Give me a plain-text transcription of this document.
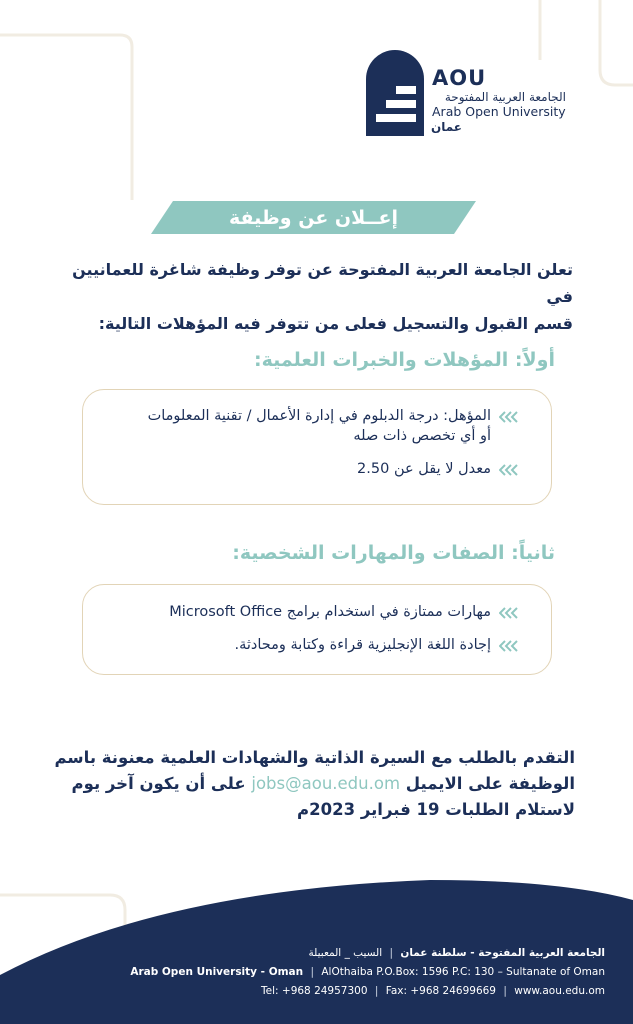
AOU
الجامعة العربية المفتوحة
Arab Open University
عمان
إعــلان عن وظيفة
تعلن الجامعة العربية المفتوحة عن توفر وظيفة شاغرة للعمانيين في
قسم القبول والتسجيل فعلى من تتوفر فيه المؤهلات التالية:
أولاً: المؤهلات والخبرات العلمية:
المؤهل: درجة الدبلوم في إدارة الأعمال / تقنية المعلومات
أو أي تخصص ذات صله
معدل لا يقل عن 2.50
ثانياً: الصفات والمهارات الشخصية:
مهارات ممتازة في استخدام برامج Microsoft Office
إجادة اللغة الإنجليزية قراءة وكتابة ومحادثة.
التقدم بالطلب مع السيرة الذاتية والشهادات العلمية معنونة باسم
الوظيفة على الايميل jobs@aou.edu.om على أن يكون آخر يوم
لاستلام الطلبات 19 فبراير 2023م
الجامعة العربية المفتوحة - سلطنة عمان | السيب _ المعبيلة
Arab Open University - Oman | AlOthaiba P.O.Box: 1596 P.C: 130 – Sultanate of Oman
Tel: +968 24957300 | Fax: +968 24699669 | www.aou.edu.om
